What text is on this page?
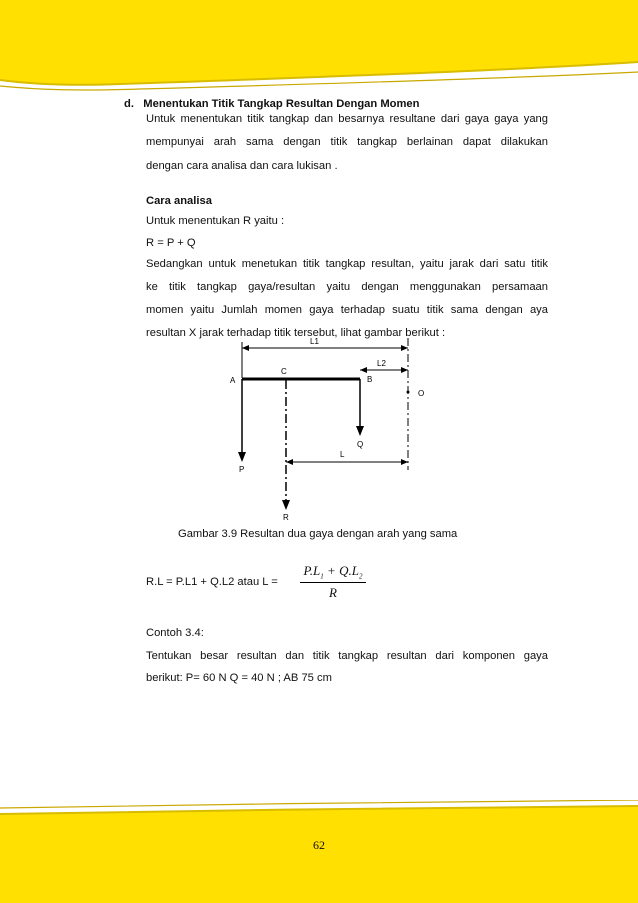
d. Menentukan Titik Tangkap Resultan Dengan Momen
Untuk menentukan titik tangkap dan besarnya resultane dari gaya gaya yang
mempunyai arah sama dengan titik tangkap berlainan dapat dilakukan
dengan cara analisa dan cara lukisan .
Cara analisa
Untuk menentukan R yaitu :
R = P + Q
Sedangkan untuk menetukan titik tangkap resultan, yaitu jarak dari satu titik
ke titik tangkap gaya/resultan yaitu dengan menggunakan persamaan
momen yaitu Jumlah momen gaya terhadap suatu titik sama dengan aya
resultan X jarak terhadap titik tersebut, lihat gambar berikut :
L1
L2
A	B
C
P
Q
R
O
L
Gambar 3.9 Resultan dua gaya dengan arah yang sama
R.L = P.L1 + Q.L2 atau L =
$P.L_1 + Q.L_2$
R
Contoh 3.4:
Tentukan besar resultan dan titik tangkap resultan dari komponen gaya
berikut: P= 60 N Q = 40 N ; AB 75 cm
62
